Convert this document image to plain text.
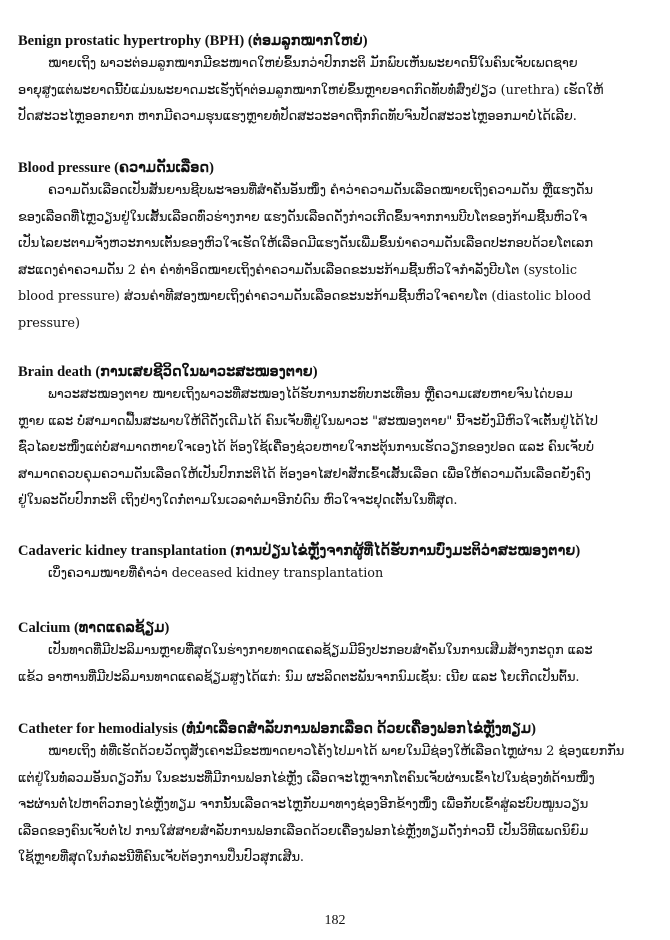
Benign prostatic hypertrophy (BPH) (ຕ່ອມລູກໝາກໃຫຍ່)

ໝາຍເຖິງ ພາວະຕ່ອມລູກໝາກມີຂະໜາດໃຫຍ່ຂຶ້ນກວ່າປົກກະຕິ ມັກພົບເຫັນພະຍາດນີ້ໃນຄົນເຈັບເພດຊາຍ
ອາຍຸສູງແຕ່ພະຍາດນີ້ບໍ່ແມ່ນພະຍາດມະເຮັງຖ້າຕ່ອມລູກໝາກໃຫຍ່ຂຶ້ນຫຼາຍອາດກົດທັບທໍ່ສົ່ງຢ່ຽວ (urethra) ເຮັດໃຫ້
ປັດສະວະໄຫຼອອກຍາກ ຫາກມີຄວາມຮຸນແຮງຫຼາຍທໍ່ປັດສະວະອາດຖືກກົດທັບຈົນປັດສະວະໄຫຼອອກມາບໍ່ໄດ້ເລີຍ.

Blood pressure (ຄວາມດັນເລືອດ)

ຄວາມດັນເລືອດເປັນສັນຍານຊີບພະຈອນທີ່ສຳຄັນອັນໜຶ່ງ ຄຳວ່າຄວາມດັນເລືອດໝາຍເຖິງຄວາມດັນ ຫຼືແຮງດັນ
ຂອງເລືອດທີ່ໄຫຼວຽນຢູ່ໃນເສັ້ນເລືອດທົ່ວຮ່າງກາຍ ແຮງດັນເລືອດດັ່ງກ່າວເກີດຂຶ້ນຈາກການບີບໂຕຂອງກ້າມຊີ້ນຫົວໃຈ
ເປັນໄລຍະຕາມຈັງຫວະການເຕັ້ນຂອງຫົວໃຈເຮັດໃຫ້ເລືອດມີແຮງດັນເພີ່ມຂຶ້ນນຳຄວາມດັນເລືອດປະກອບດ້ວຍໂຕເລກ
ສະແດງຄ່າຄວາມດັນ 2 ຄ່າ ຄ່າທຳອິດໝາຍເຖິງຄ່າຄວາມດັນເລືອດຂະນະກ້າມຊີ້ນຫົວໃຈກຳລັງບີບໂຕ (systolic
blood pressure) ສ່ວນຄ່າທີສອງໝາຍເຖິງຄ່າຄວາມດັນເລືອດຂະນະກ້າມຊີ້ນຫົວໃຈຄາຍໂຕ (diastolic blood
pressure)

Brain death (ການເສຍຊີວິດໃນພາວະສະໝອງຕາຍ)

ພາວະສະໝອງຕາຍ ໝາຍເຖິງພາວະທີ່ສະໝອງໄດ້ຮັບການກະທົບກະເທືອນ ຫຼືຄວາມເສຍຫາຍຈົນໄດ່ບອມ
ຫຼາຍ ແລະ ບໍ່ສາມາດຟື້ນສະພາບໃຫ້ດີດັ່ງເດີມໄດ້ ຄົນເຈັບທີ່ຢູ່ໃນພາວະ "ສະໝອງຕາຍ" ນີ້ຈະຍັງມີຫົວໃຈເຕັ້ນຢູ່ໄດ້ໄປ
ຊົ່ວໄລຍະໜຶ່ງແຕ່ບໍ່ສາມາດຫາຍໃຈເອງໄດ້ ຕ້ອງໃຊ້ເຄື່ອງຊ່ວຍຫາຍໃຈກະຕຸ້ນການເຮັດວຽກຂອງປອດ ແລະ ຄົນເຈັບບໍ່
ສາມາດຄວບຄຸມຄວາມດັນເລືອດໃຫ້ເປັນປົກກະຕິໄດ້ ຕ້ອງອາໄສຢາສັກເຂົ້າເສັ້ນເລືອດ ເພື່ອໃຫ້ຄວາມດັນເລືອດຍັງຄົງ
ຢູ່ໃນລະດັບປົກກະຕິ ເຖິງຢ່າງໃດກໍ່ຕາມໃນເວລາຕໍ່ມາອີກບໍ່ດົນ ຫົວໃຈຈະຢຸດເຕັ້ນໃນທີ່ສຸດ.

Cadaveric kidney transplantation (ການປ່ຽນໄຂ່ຫຼັງຈາກຜູ້ທີ່ໄດ້ຮັບການບົ່ງມະຕິວ່າສະໝອງຕາຍ)

ເບິ່ງຄວາມໝາຍທີ່ຄຳວ່າ deceased kidney transplantation

Calcium (ທາດແຄລຊ້ຽມ)

ເປັນທາດທີ່ມີປະລິມານຫຼາຍທີ່ສຸດໃນຮ່າງກາຍທາດແຄລຊ້ຽມມີອົງປະກອບສຳຄັນໃນການເສີມສ້າງກະດູກ ແລະ
ແຂ້ວ ອາຫານທີ່ມີປະລິມານທາດແຄລຊ້ຽມສູງໄດ້ແກ່: ນົມ ຜະລິດຕະພັນຈາກນົມເຊັ່ນ: ເນີຍ ແລະ ໂຍເກີດເປັນຕົ້ນ.

Catheter for hemodialysis (ທໍ່ນຳເລືອດສຳລັບການຟອກເລືອດ ດ້ວຍເຄື່ອງຟອກໄຂ່ຫຼັງທຽມ)

ໝາຍເຖິງ ທໍ່ທີ່ເຮັດດ້ວຍວັດຖຸສັງເຄາະມີຂະໜາດຍາວໂຄ້ງໄປມາໄດ້ ພາຍໃນມີຊ່ອງໃຫ້ເລືອດໄຫຼຜ່ານ 2 ຊ່ອງແຍກກັນ
ແຕ່ຢູ່ໃນທໍ່ລວມອັນດຽວກັນ ໃນຂະນະທີ່ມີການຟອກໄຂ່ຫຼັງ ເລືອດຈະໄຫຼຈາກໂຕຄົນເຈັບຜ່ານເຂົ້າໄປໃນຊ່ອງທໍ່ດ້ານໜຶ່ງ
ຈະຜ່ານຕໍ່ໄປຫາຕົວກອງໄຂ່ຫຼັງທຽມ ຈາກນັ້ນເລືອດຈະໄຫຼກັບມາທາງຊ່ອງອີກຂ້າງໜຶ່ງ ເພື່ອກັບເຂົ້າສູ່ລະບົບໝູນວຽນ
ເລືອດຂອງຄົນເຈັບຕໍ່ໄປ ການໃສ່ສາຍສຳລັບການຟອກເລືອດດ້ວຍເຄື່ອງຟອກໄຂ່ຫຼັງທຽມດັ່ງກ່າວນີ້ ເປັນວິທີແພດນິຍົມ
ໃຊ້ຫຼາຍທີ່ສຸດໃນກໍລະນີທີ່ຄົນເຈັບຕ້ອງການປິ່ນປົວສຸກເສີນ.
182
